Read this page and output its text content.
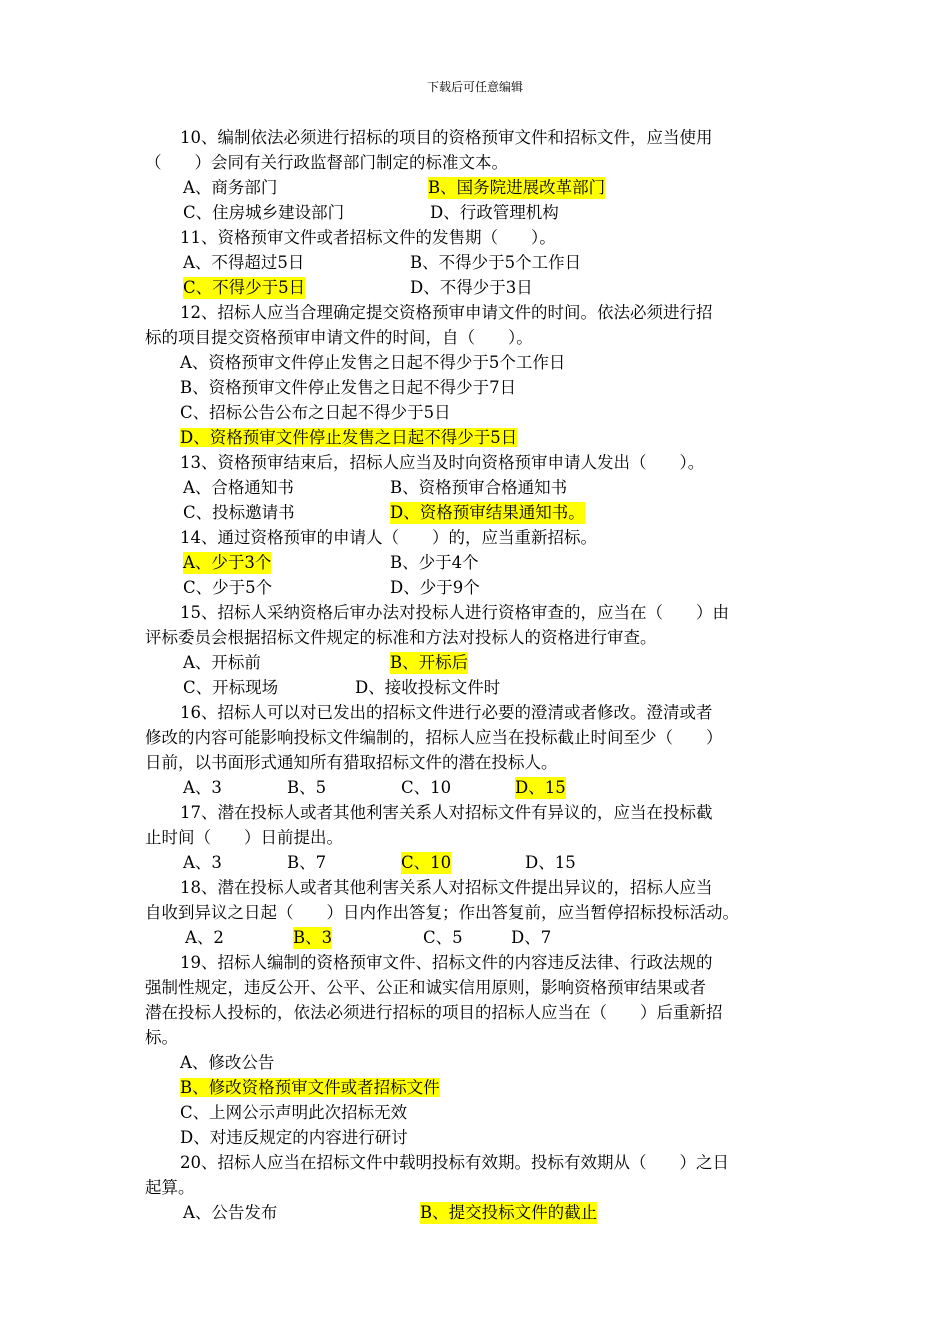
下载后可任意编辑
10、编制依法必须进行招标的项目的资格预审文件和招标文件，应当使用
（　　）会同有关行政监督部门制定的标准文本。
A、商务部门	B、国务院进展改革部门
C、住房城乡建设部门	D、行政管理机构
11、资格预审文件或者招标文件的发售期（　　）。
A、不得超过5日	B、不得少于5个工作日
C、不得少于5日	D、不得少于3日
12、招标人应当合理确定提交资格预审申请文件的时间。依法必须进行招
标的项目提交资格预审申请文件的时间，自（　　）。
A、资格预审文件停止发售之日起不得少于5个工作日
B、资格预审文件停止发售之日起不得少于7日
C、招标公告公布之日起不得少于5日
D、资格预审文件停止发售之日起不得少于5日
13、资格预审结束后，招标人应当及时向资格预审申请人发出（　　）。
A、合格通知书	B、资格预审合格通知书
C、投标邀请书	D、资格预审结果通知书。
14、通过资格预审的申请人（　　）的，应当重新招标。
A、少于3个	B、少于4个
C、少于5个	D、少于9个
15、招标人采纳资格后审办法对投标人进行资格审查的，应当在（　　）由
评标委员会根据招标文件规定的标准和方法对投标人的资格进行审查。
A、开标前	B、开标后
C、开标现场	D、接收投标文件时
16、招标人可以对已发出的招标文件进行必要的澄清或者修改。澄清或者
修改的内容可能影响投标文件编制的，招标人应当在投标截止时间至少（　　）
日前，以书面形式通知所有猎取招标文件的潜在投标人。
A、3	B、5	C、10	D、15
17、潜在投标人或者其他利害关系人对招标文件有异议的，应当在投标截
止时间（　　）日前提出。
A、3	B、7	C、10	D、15
18、潜在投标人或者其他利害关系人对招标文件提出异议的，招标人应当
自收到异议之日起（　　）日内作出答复；作出答复前，应当暂停招标投标活动。
A、2	B、3	C、5	D、7
19、招标人编制的资格预审文件、招标文件的内容违反法律、行政法规的
强制性规定，违反公开、公平、公正和诚实信用原则，影响资格预审结果或者
潜在投标人投标的，依法必须进行招标的项目的招标人应当在（　　）后重新招
标。
A、修改公告
B、修改资格预审文件或者招标文件
C、上网公示声明此次招标无效
D、对违反规定的内容进行研讨
20、招标人应当在招标文件中载明投标有效期。投标有效期从（　　）之日
起算。
A、公告发布	B、提交投标文件的截止
